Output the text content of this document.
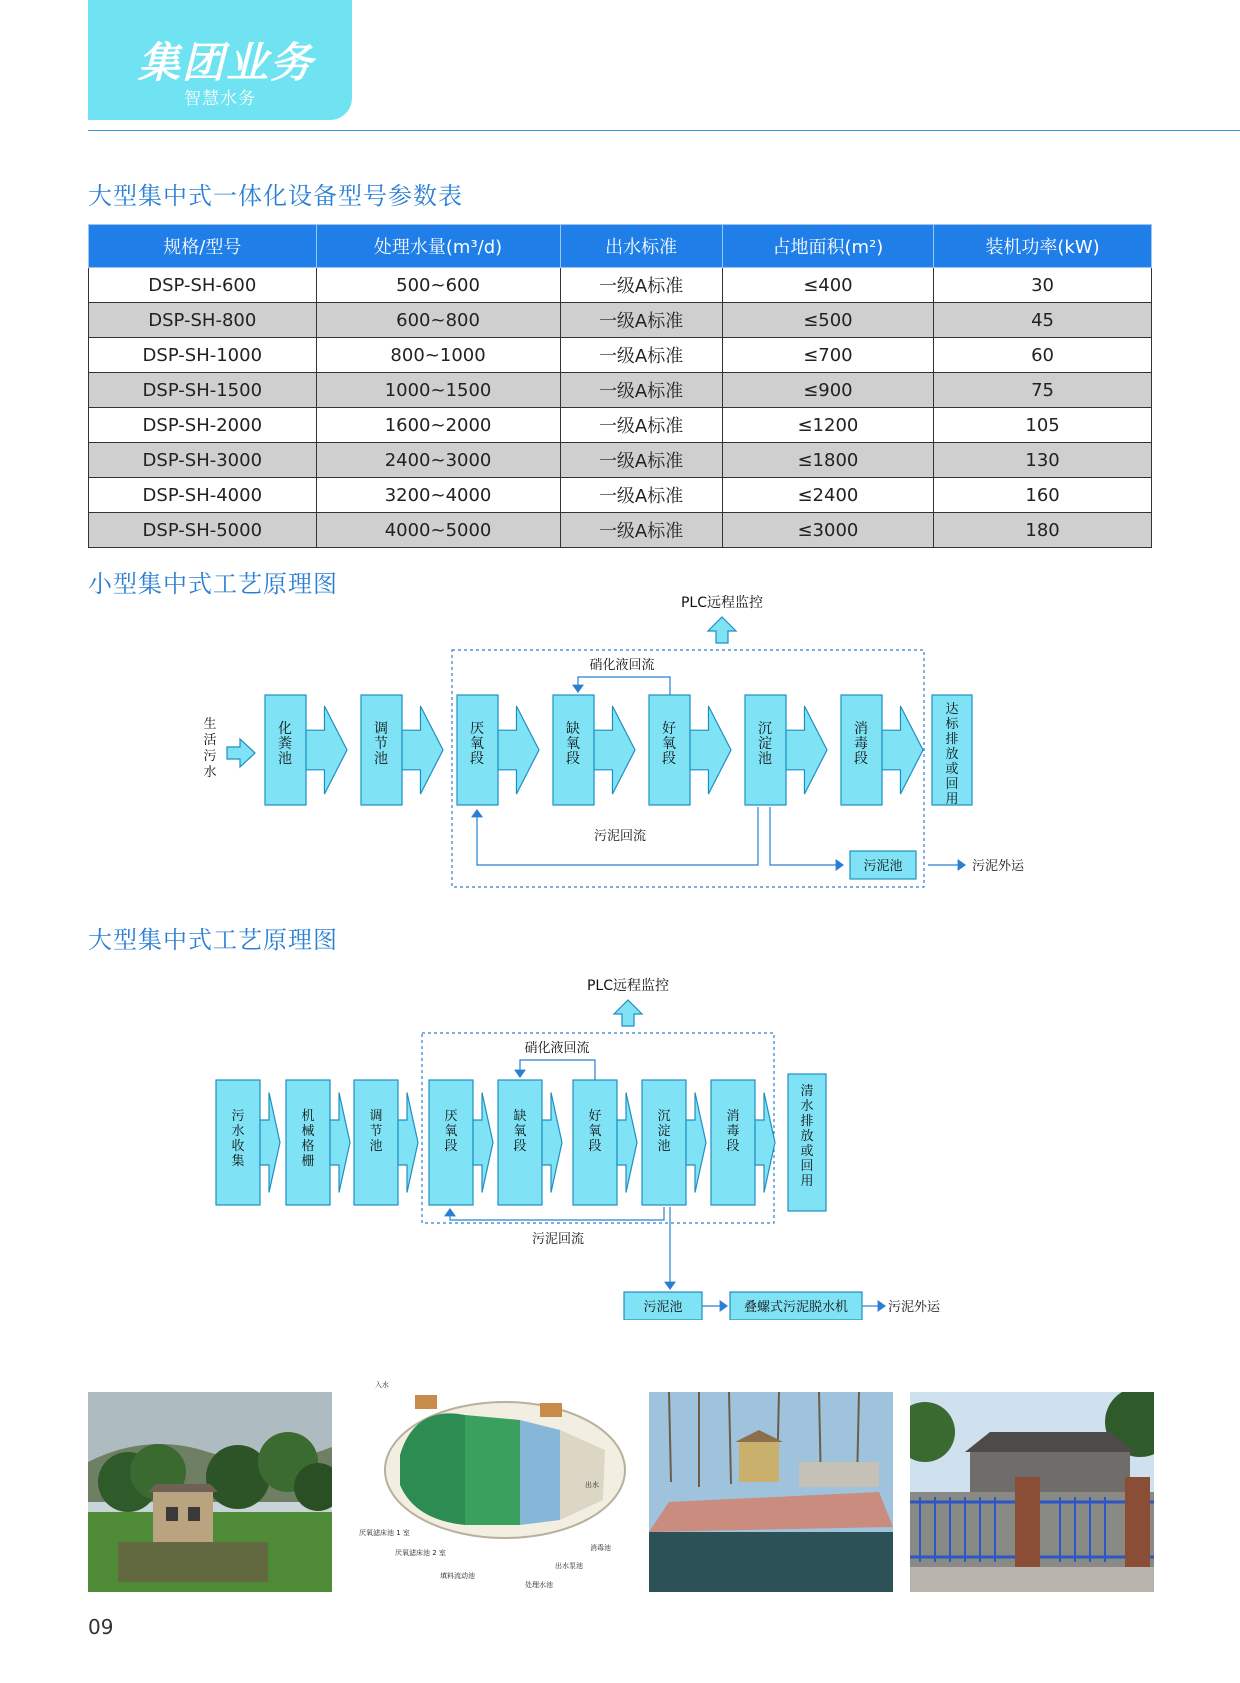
集团业务
智慧水务
大型集中式一体化设备型号参数表
规格/型号	处理水量(m³/d)	出水标准	占地面积(m²)	装机功率(kW)
DSP-SH-600	500~600	一级A标准	≤400	30
DSP-SH-800	600~800	一级A标准	≤500	45
DSP-SH-1000	800~1000	一级A标准	≤700	60
DSP-SH-1500	1000~1500	一级A标准	≤900	75
DSP-SH-2000	1600~2000	一级A标准	≤1200	105
DSP-SH-3000	2400~3000	一级A标准	≤1800	130
DSP-SH-4000	3200~4000	一级A标准	≤2400	160
DSP-SH-5000	4000~5000	一级A标准	≤3000	180
小型集中式工艺原理图
PLC远程监控
生
活
污
水
化
粪
池
调
节
池
厌
氧
段
缺
氧
段
好
氧
段
沉
淀
池
消
毒
段
达
标
排
放
或
回
用
硝化液回流
污泥回流
污泥池	污泥外运
大型集中式工艺原理图
PLC远程监控
污
水
收
集
机
械
格
栅
调
节
池
厌
氧
段
缺
氧
段
好
氧
段
沉
淀
池
消
毒
段
清
水
排
放
或
回
用
硝化液回流
污泥回流
污泥池	叠螺式污泥脱水机	污泥外运
入水
出水
厌氧滤床池 1 室
厌氧滤床池 2 室
填料流动池
消毒池
出水泵池
处理水池
09
